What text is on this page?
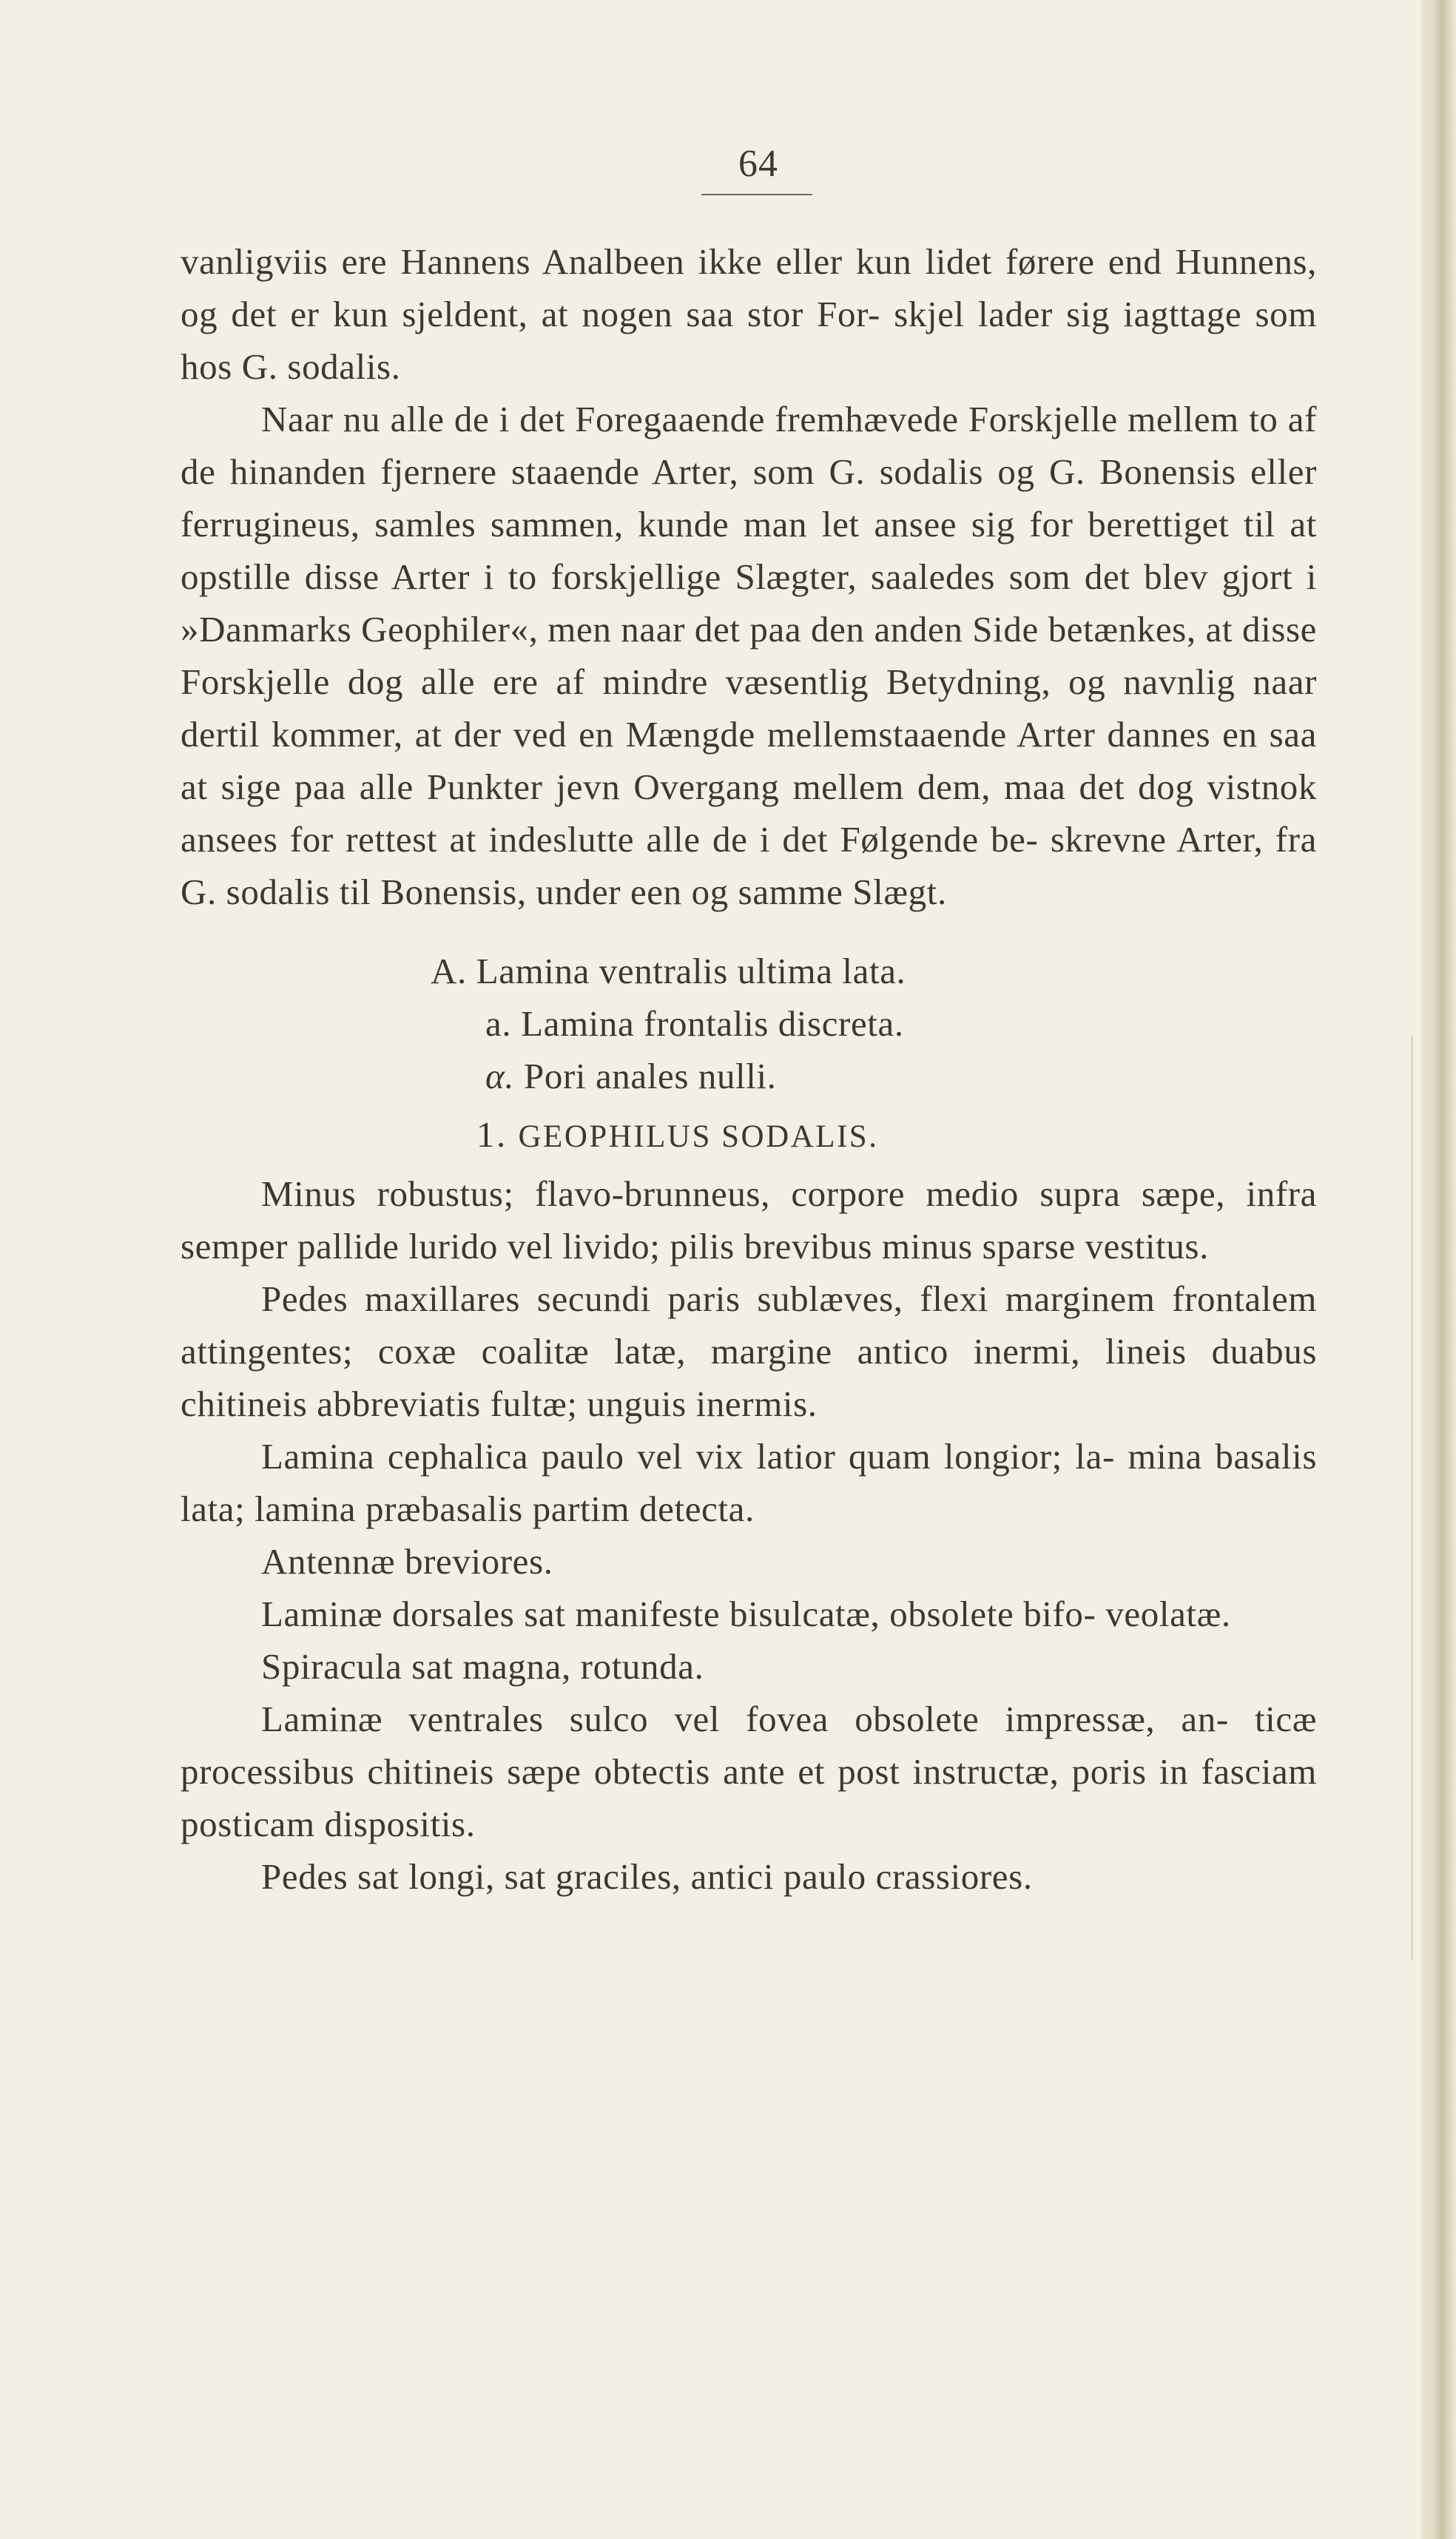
64

vanligviis ere Hannens Analbeen ikke eller kun lidet førere end Hunnens, og det er kun sjeldent, at nogen saa stor For- skjel lader sig iagttage som hos G. sodalis.

Naar nu alle de i det Foregaaende fremhævede Forskjelle mellem to af de hinanden fjernere staaende Arter, som G. sodalis og G. Bonensis eller ferrugineus, samles sammen, kunde man let ansee sig for berettiget til at opstille disse Arter i to forskjellige Slægter, saaledes som det blev gjort i »Danmarks Geophiler«, men naar det paa den anden Side betænkes, at disse Forskjelle dog alle ere af mindre væsentlig Betydning, og navnlig naar dertil kommer, at der ved en Mængde mellemstaaende Arter dannes en saa at sige paa alle Punkter jevn Overgang mellem dem, maa det dog vistnok ansees for rettest at indeslutte alle de i det Følgende be- skrevne Arter, fra G. sodalis til Bonensis, under een og samme Slægt.

A. Lamina ventralis ultima lata.

a. Lamina frontalis discreta.

α. Pori anales nulli.

1. GEOPHILUS SODALIS.

Minus robustus; flavo-brunneus, corpore medio supra sæpe, infra semper pallide lurido vel livido; pilis brevibus minus sparse vestitus.

Pedes maxillares secundi paris sublæves, flexi marginem frontalem attingentes; coxæ coalitæ latæ, margine antico inermi, lineis duabus chitineis abbreviatis fultæ; unguis inermis.

Lamina cephalica paulo vel vix latior quam longior; la- mina basalis lata; lamina præbasalis partim detecta.

Antennæ breviores.

Laminæ dorsales sat manifeste bisulcatæ, obsolete bifo- veolatæ.

Spiracula sat magna, rotunda.

Laminæ ventrales sulco vel fovea obsolete impressæ, an- ticæ processibus chitineis sæpe obtectis ante et post instructæ, poris in fasciam posticam dispositis.

Pedes sat longi, sat graciles, antici paulo crassiores.
